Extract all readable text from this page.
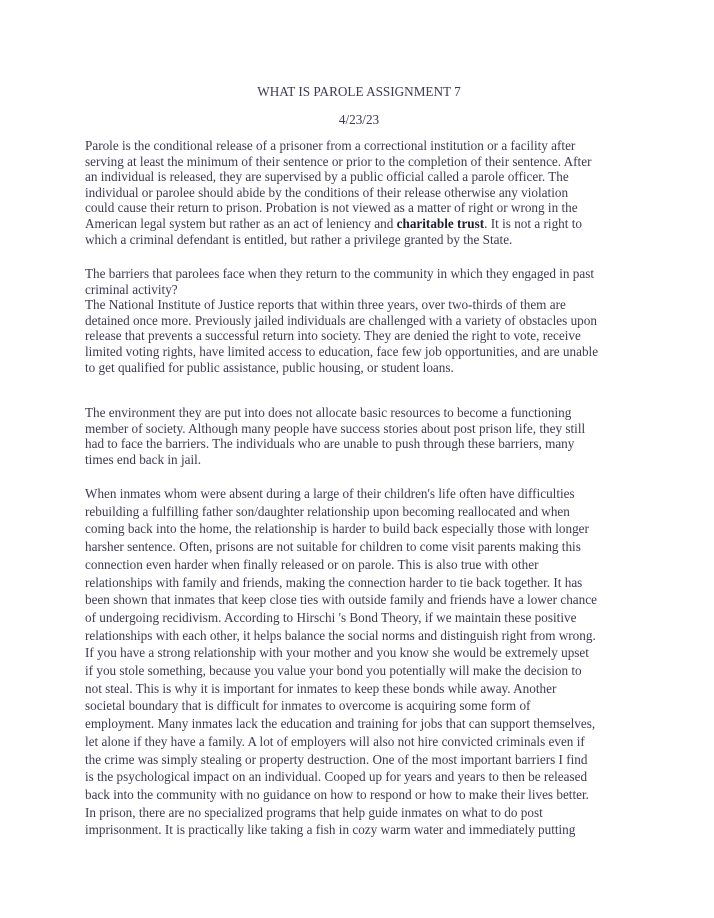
WHAT IS PAROLE ASSIGNMENT 7
4/23/23
Parole is the conditional release of a prisoner from a correctional institution or a facility after
serving at least the minimum of their sentence or prior to the completion of their sentence. After
an individual is released, they are supervised by a public official called a parole officer. The
individual or parolee should abide by the conditions of their release otherwise any violation
could cause their return to prison. Probation is not viewed as a matter of right or wrong in the
American legal system but rather as an act of leniency and charitable trust. It is not a right to
which a criminal defendant is entitled, but rather a privilege granted by the State.
The barriers that parolees face when they return to the community in which they engaged in past
criminal activity?
The National Institute of Justice reports that within three years, over two-thirds of them are
detained once more. Previously jailed individuals are challenged with a variety of obstacles upon
release that prevents a successful return into society. They are denied the right to vote, receive
limited voting rights, have limited access to education, face few job opportunities, and are unable
to get qualified for public assistance, public housing, or student loans.
The environment they are put into does not allocate basic resources to become a functioning
member of society. Although many people have success stories about post prison life, they still
had to face the barriers. The individuals who are unable to push through these barriers, many
times end back in jail.
When inmates whom were absent during a large of their children's life often have difficulties
rebuilding a fulfilling father son/daughter relationship upon becoming reallocated and when
coming back into the home, the relationship is harder to build back especially those with longer
harsher sentence. Often, prisons are not suitable for children to come visit parents making this
connection even harder when finally released or on parole. This is also true with other
relationships with family and friends, making the connection harder to tie back together. It has
been shown that inmates that keep close ties with outside family and friends have a lower chance
of undergoing recidivism. According to Hirschi 's Bond Theory, if we maintain these positive
relationships with each other, it helps balance the social norms and distinguish right from wrong.
If you have a strong relationship with your mother and you know she would be extremely upset
if you stole something, because you value your bond you potentially will make the decision to
not steal. This is why it is important for inmates to keep these bonds while away. Another
societal boundary that is difficult for inmates to overcome is acquiring some form of
employment. Many inmates lack the education and training for jobs that can support themselves,
let alone if they have a family. A lot of employers will also not hire convicted criminals even if
the crime was simply stealing or property destruction. One of the most important barriers I find
is the psychological impact on an individual. Cooped up for years and years to then be released
back into the community with no guidance on how to respond or how to make their lives better.
In prison, there are no specialized programs that help guide inmates on what to do post
imprisonment. It is practically like taking a fish in cozy warm water and immediately putting
